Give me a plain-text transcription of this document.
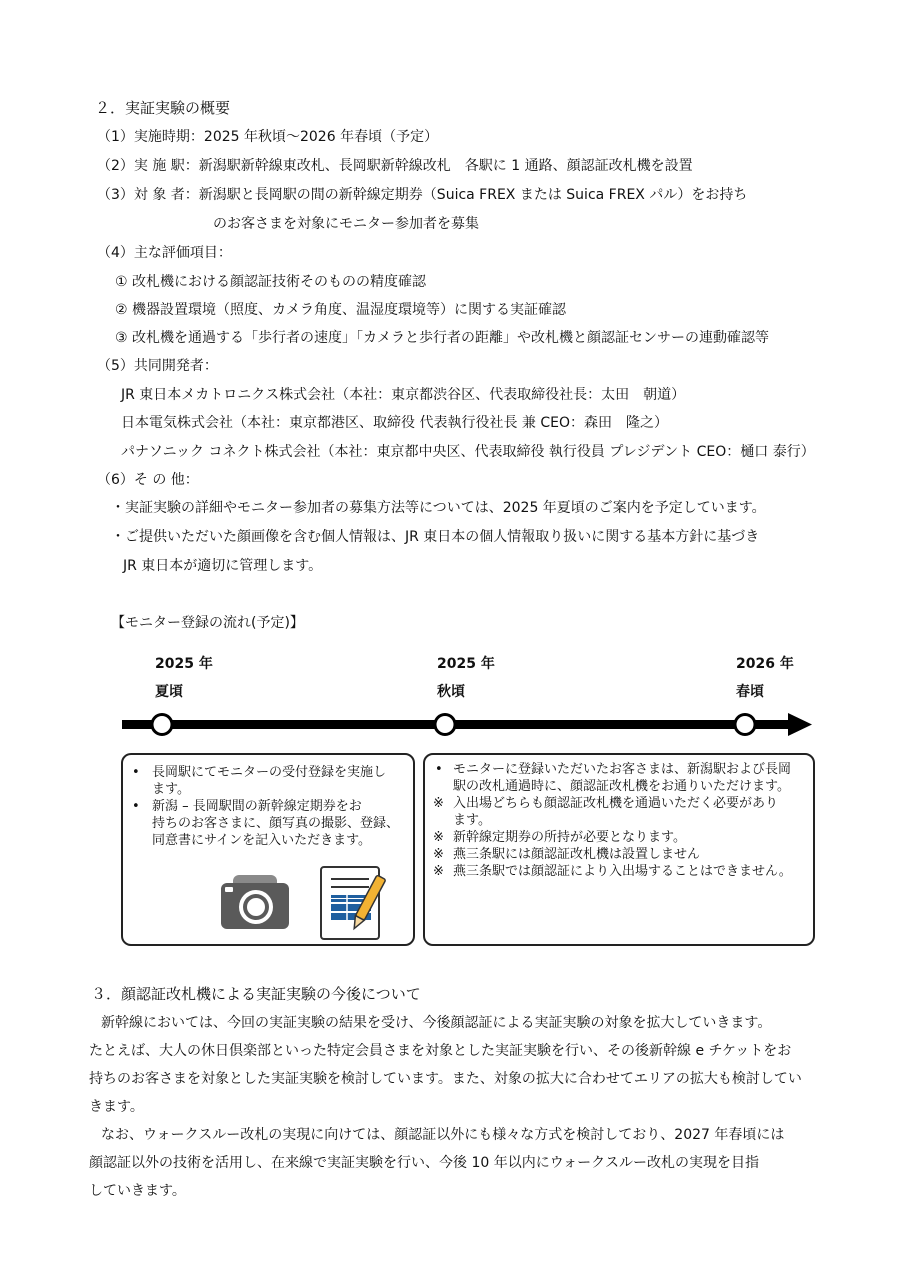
２．実証実験の概要
（1）実施時期：2025 年秋頃～2026 年春頃（予定）
（2）実 施 駅：新潟駅新幹線東改札、長岡駅新幹線改札　各駅に 1 通路、顔認証改札機を設置
（3）対 象 者：新潟駅と長岡駅の間の新幹線定期券（Suica FREX または Suica FREX パル）をお持ち
のお客さまを対象にモニター参加者を募集
（4）主な評価項目：
① 改札機における顔認証技術そのものの精度確認
② 機器設置環境（照度、カメラ角度、温湿度環境等）に関する実証確認
③ 改札機を通過する「歩行者の速度」「カメラと歩行者の距離」や改札機と顔認証センサーの連動確認等
（5）共同開発者：
JR 東日本メカトロニクス株式会社（本社：東京都渋谷区、代表取締役社長：太田　朝道）
日本電気株式会社（本社：東京都港区、取締役 代表執行役社長 兼 CEO：森田　隆之）
パナソニック コネクト株式会社（本社：東京都中央区、代表取締役 執行役員 プレジデント CEO：樋口 泰行）
（6）そ の 他：
・実証実験の詳細やモニター参加者の募集方法等については、2025 年夏頃のご案内を予定しています。
・ご提供いただいた顔画像を含む個人情報は、JR 東日本の個人情報取り扱いに関する基本方針に基づき
JR 東日本が適切に管理します。
【モニター登録の流れ(予定)】
2025 年
夏頃
2025 年
秋頃
2026 年
春頃
• 長岡駅にてモニターの受付登録を実施し
ます。
• 新潟 – 長岡駅間の新幹線定期券をお
持ちのお客さまに、顔写真の撮影、登録、
同意書にサインを記入いただきます。
• モニターに登録いただいたお客さまは、新潟駅および長岡
駅の改札通過時に、顔認証改札機をお通りいただけます。
※ 入出場どちらも顔認証改札機を通過いただく必要があり
ます。
※ 新幹線定期券の所持が必要となります。
※ 燕三条駅には顔認証改札機は設置しません
※ 燕三条駅では顔認証により入出場することはできません。
３．顔認証改札機による実証実験の今後について
新幹線においては、今回の実証実験の結果を受け、今後顔認証による実証実験の対象を拡大していきます。
たとえば、大人の休日倶楽部といった特定会員さまを対象とした実証実験を行い、その後新幹線 e チケットをお
持ちのお客さまを対象とした実証実験を検討しています。また、対象の拡大に合わせてエリアの拡大も検討してい
きます。
なお、ウォークスルー改札の実現に向けては、顔認証以外にも様々な方式を検討しており、2027 年春頃には
顔認証以外の技術を活用し、在来線で実証実験を行い、今後 10 年以内にウォークスルー改札の実現を目指
していきます。
